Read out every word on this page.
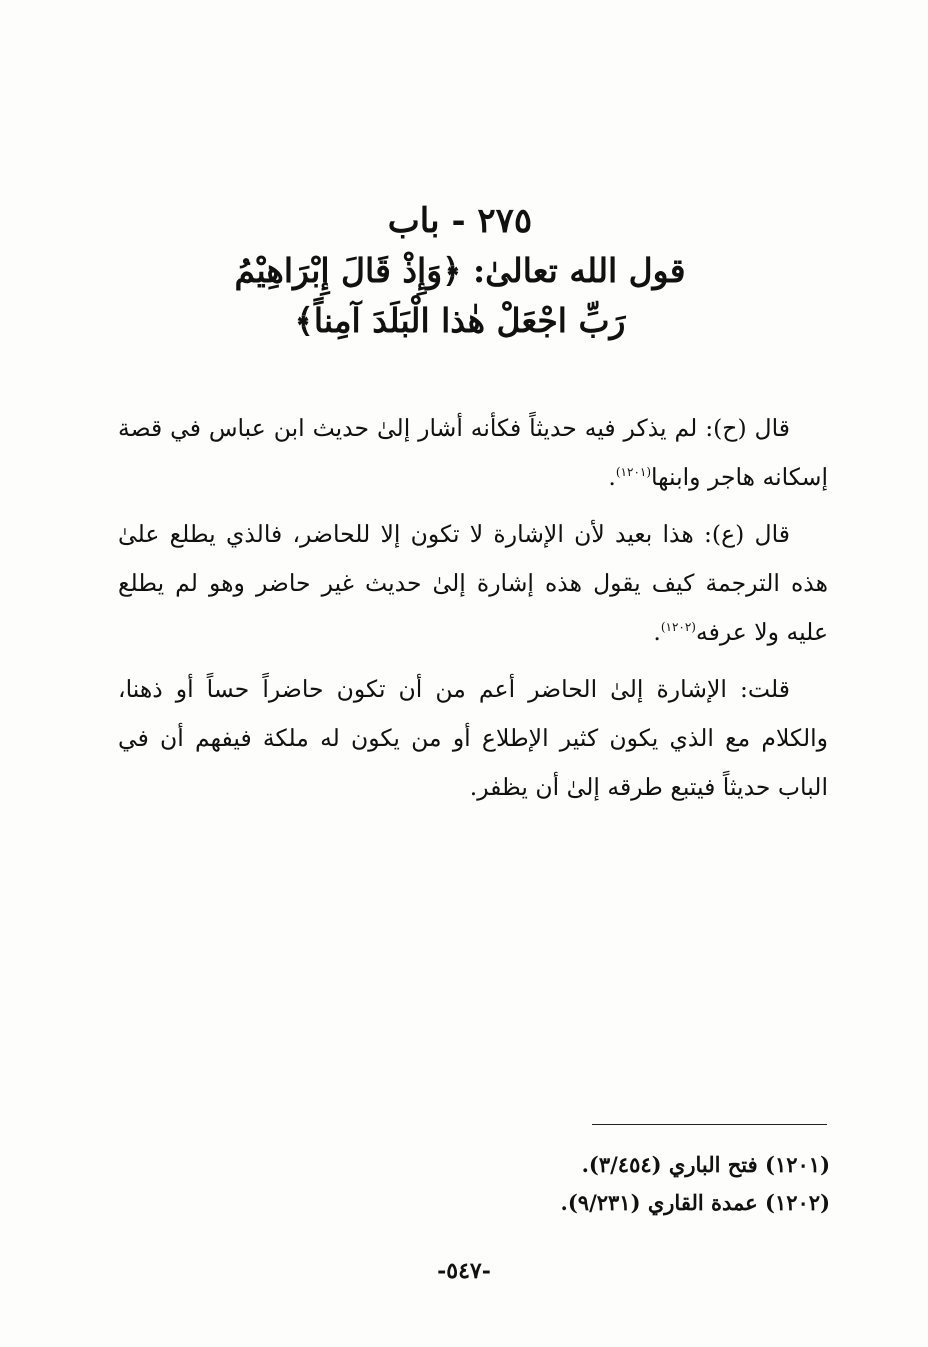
٢٧٥ - باب
قول الله تعالىٰ: ﴿وَإِذْ قَالَ إِبْرَاهِيْمُ
رَبِّ اجْعَلْ هٰذا الْبَلَدَ آمِناً﴾

قال (ح): لم يذكر فيه حديثاً فكأنه أشار إلىٰ حديث ابن عباس في قصة إسكانه هاجر وابنها$^{(١٢٠١)}$.

قال (ع): هذا بعيد لأن الإشارة لا تكون إلا للحاضر، فالذي يطلع علىٰ هذه الترجمة كيف يقول هذه إشارة إلىٰ حديث غير حاضر وهو لم يطلع عليه ولا عرفه$^{(١٢٠٢)}$.

قلت: الإشارة إلىٰ الحاضر أعم من أن تكون حاضراً حساً أو ذهنا، والكلام مع الذي يكون كثير الإطلاع أو من يكون له ملكة فيفهم أن في الباب حديثاً فيتبع طرقه إلىٰ أن يظفر.

(١٢٠١) فتح الباري (٣/٤٥٤).
(١٢٠٢) عمدة القاري (٩/٢٣١).
-٥٤٧-
